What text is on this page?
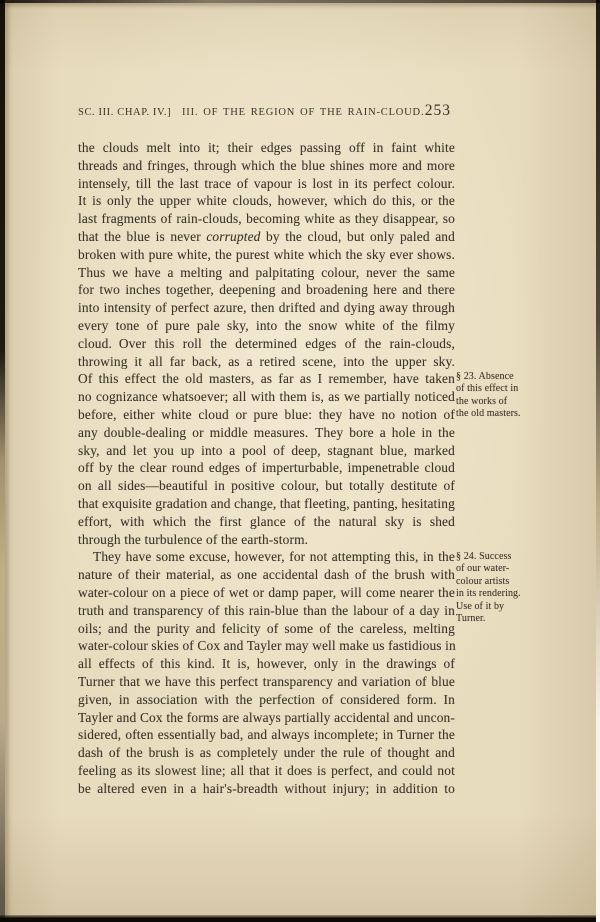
SC. III. CHAP. IV.] III. OF THE REGION OF THE RAIN-CLOUD. 253
the clouds melt into it; their edges passing off in faint white
threads and fringes, through which the blue shines more and more
intensely, till the last trace of vapour is lost in its perfect colour.
It is only the upper white clouds, however, which do this, or the
last fragments of rain-clouds, becoming white as they disappear, so
that the blue is never corrupted by the cloud, but only paled and
broken with pure white, the purest white which the sky ever shows.
Thus we have a melting and palpitating colour, never the same
for two inches together, deepening and broadening here and there
into intensity of perfect azure, then drifted and dying away through
every tone of pure pale sky, into the snow white of the filmy
cloud. Over this roll the determined edges of the rain-clouds,
throwing it all far back, as a retired scene, into the upper sky.
Of this effect the old masters, as far as I remember, have taken
no cognizance whatsoever; all with them is, as we partially noticed
before, either white cloud or pure blue: they have no notion of
any double-dealing or middle measures. They bore a hole in the
sky, and let you up into a pool of deep, stagnant blue, marked
off by the clear round edges of imperturbable, impenetrable cloud
on all sides—beautiful in positive colour, but totally destitute of
that exquisite gradation and change, that fleeting, panting, hesitating
effort, with which the first glance of the natural sky is shed
through the turbulence of the earth-storm.
They have some excuse, however, for not attempting this, in the
nature of their material, as one accidental dash of the brush with
water-colour on a piece of wet or damp paper, will come nearer the
truth and transparency of this rain-blue than the labour of a day in
oils; and the purity and felicity of some of the careless, melting
water-colour skies of Cox and Tayler may well make us fastidious in
all effects of this kind. It is, however, only in the drawings of
Turner that we have this perfect transparency and variation of blue
given, in association with the perfection of considered form. In
Tayler and Cox the forms are always partially accidental and uncon-
sidered, often essentially bad, and always incomplete; in Turner the
dash of the brush is as completely under the rule of thought and
feeling as its slowest line; all that it does is perfect, and could not
be altered even in a hair's-breadth without injury; in addition to
§ 23. Absence
of this effect in
the works of
the old masters.
§ 24. Success
of our water-
colour artists
in its rendering.
Use of it by
Turner.
